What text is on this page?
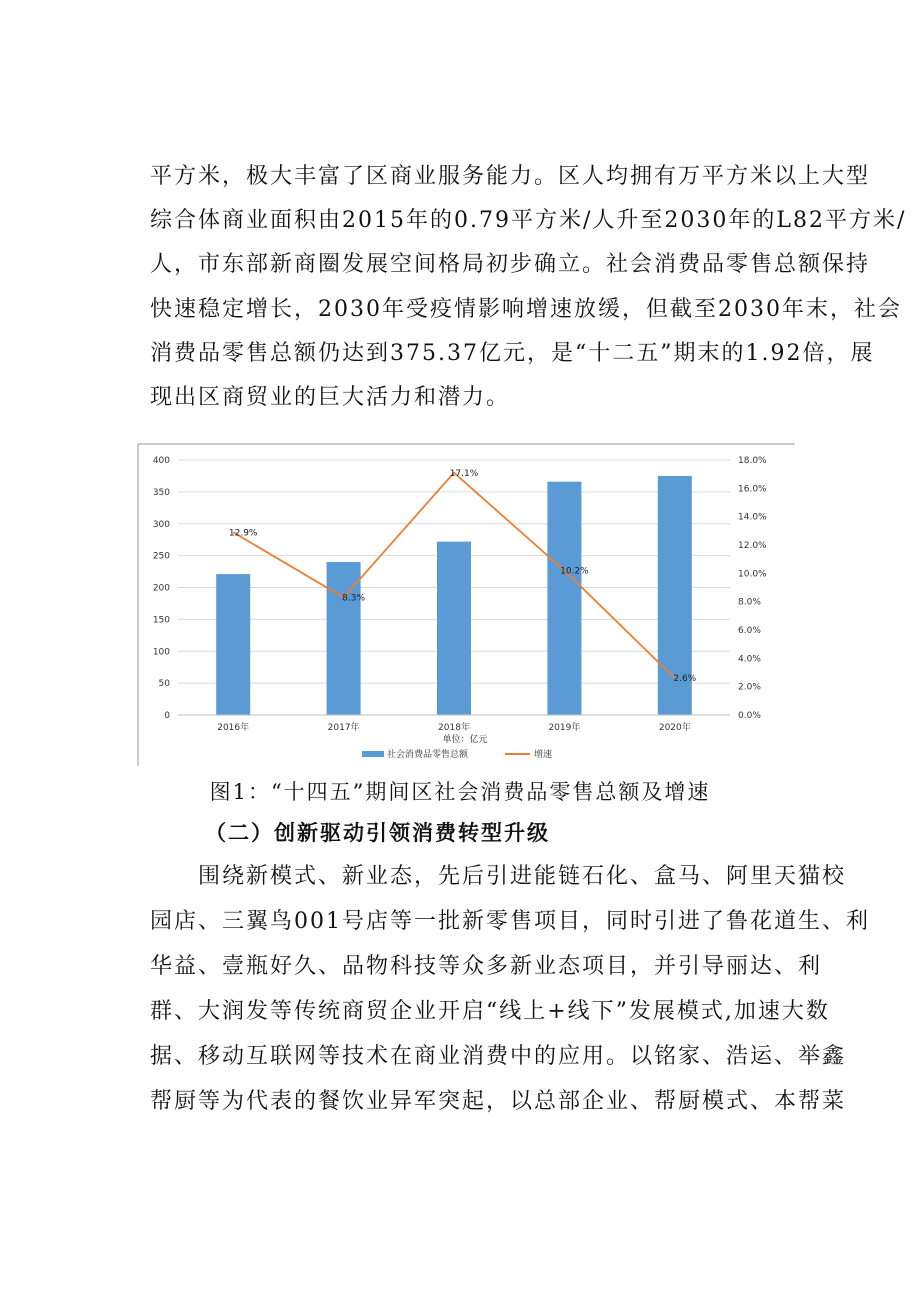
平方米，极大丰富了区商业服务能力。区人均拥有万平方米以上大型
综合体商业面积由2015年的0.79平方米/人升至2030年的L82平方米/
人，市东部新商圈发展空间格局初步确立。社会消费品零售总额保持
快速稳定增长，2030年受疫情影响增速放缓，但截至2030年末，社会
消费品零售总额仍达到375.37亿元，是“十二五”期末的1.92倍，展
现出区商贸业的巨大活力和潜力。
12.9%
8.3%
17.1%
10.2%
2.6%
0
50
100
150
200
250
300
350
400
0.0%
2.0%
4.0%
6.0%
8.0%
10.0%
12.0%
14.0%
16.0%
18.0%
2016年	2017年	2018年	2019年	2020年
单位：亿元
社会消费品零售总额	增速
图1：“十四五”期间区社会消费品零售总额及增速
（二）创新驱动引领消费转型升级
　　围绕新模式、新业态，先后引进能链石化、盒马、阿里天猫校
园店、三翼鸟001号店等一批新零售项目，同时引进了鲁花道生、利
华益、壹瓶好久、品物科技等众多新业态项目，并引导丽达、利
群、大润发等传统商贸企业开启“线上+线下”发展模式,加速大数
据、移动互联网等技术在商业消费中的应用。以铭家、浩运、举鑫
帮厨等为代表的餐饮业异军突起，以总部企业、帮厨模式、本帮菜
